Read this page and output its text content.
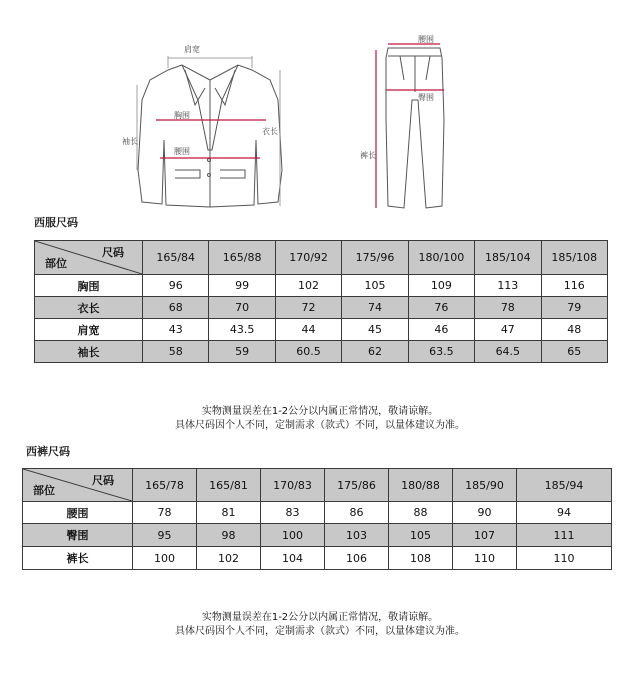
肩宽
胸围
腰围
袖长
衣长
腰围
臀围
裤长
西服尺码
尺码
部位	165/84	165/88	170/92	175/96	180/100	185/104	185/108
胸围	96	99	102	105	109	113	116
衣长	68	70	72	74	76	78	79
肩宽	43	43.5	44	45	46	47	48
袖长	58	59	60.5	62	63.5	64.5	65
实物测量误差在1-2公分以内属正常情况，敬请谅解。
具体尺码因个人不同，定制需求（款式）不同，以量体建议为准。
西裤尺码
尺码
部位	165/78	165/81	170/83	175/86	180/88	185/90	185/94
腰围	78	81	83	86	88	90	94
臀围	95	98	100	103	105	107	111
裤长	100	102	104	106	108	110	110
实物测量误差在1-2公分以内属正常情况，敬请谅解。
具体尺码因个人不同，定制需求（款式）不同，以量体建议为准。
